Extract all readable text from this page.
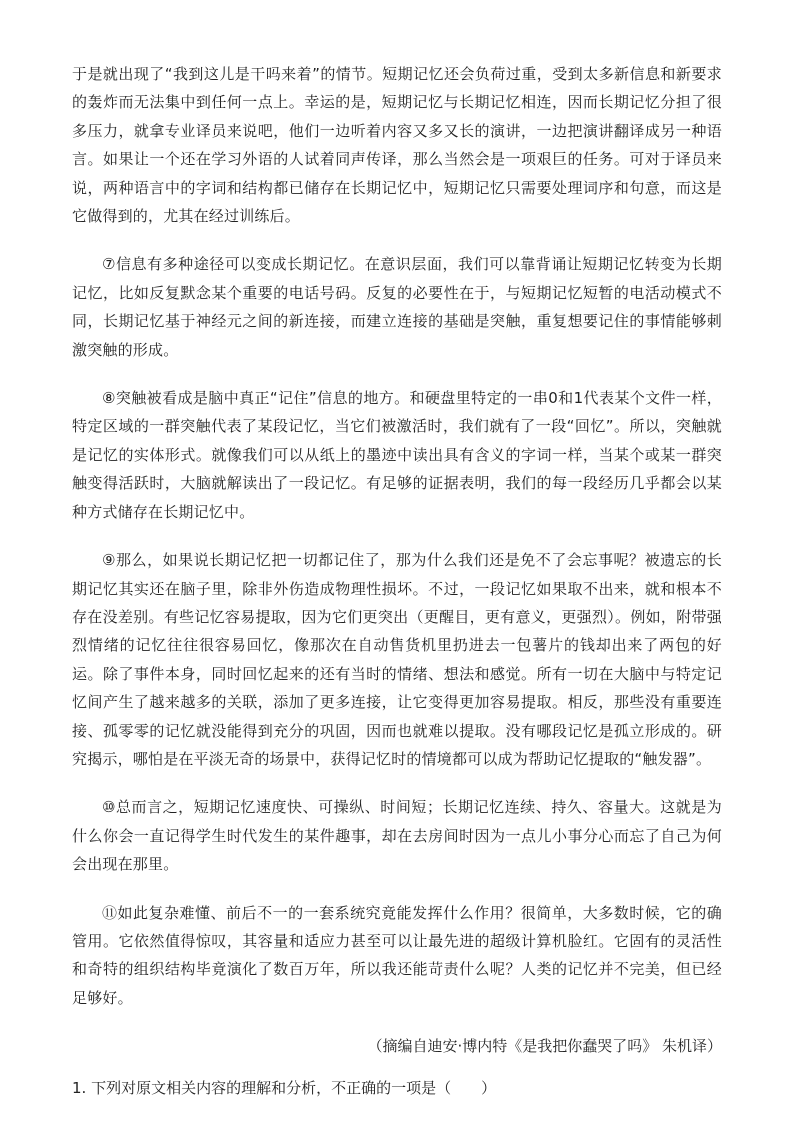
于是就出现了“我到这儿是干吗来着”的情节。短期记忆还会负荷过重，受到太多新信息和新要求的轰炸而无法集中到任何一点上。幸运的是，短期记忆与长期记忆相连，因而长期记忆分担了很多压力，就拿专业译员来说吧，他们一边听着内容又多又长的演讲，一边把演讲翻译成另一种语言。如果让一个还在学习外语的人试着同声传译，那么当然会是一项艰巨的任务。可对于译员来说，两种语言中的字词和结构都已储存在长期记忆中，短期记忆只需要处理词序和句意，而这是它做得到的，尤其在经过训练后。

⑦信息有多种途径可以变成长期记忆。在意识层面，我们可以靠背诵让短期记忆转变为长期记忆，比如反复默念某个重要的电话号码。反复的必要性在于，与短期记忆短暂的电活动模式不同，长期记忆基于神经元之间的新连接，而建立连接的基础是突触，重复想要记住的事情能够刺激突触的形成。

⑧突触被看成是脑中真正“记住”信息的地方。和硬盘里特定的一串0和1代表某个文件一样，特定区域的一群突触代表了某段记忆，当它们被激活时，我们就有了一段“回忆”。所以，突触就是记忆的实体形式。就像我们可以从纸上的墨迹中读出具有含义的字词一样，当某个或某一群突触变得活跃时，大脑就解读出了一段记忆。有足够的证据表明，我们的每一段经历几乎都会以某种方式储存在长期记忆中。

⑨那么，如果说长期记忆把一切都记住了，那为什么我们还是免不了会忘事呢？被遗忘的长期记忆其实还在脑子里，除非外伤造成物理性损坏。不过，一段记忆如果取不出来，就和根本不存在没差别。有些记忆容易提取，因为它们更突出（更醒目，更有意义，更强烈）。例如，附带强烈情绪的记忆往往很容易回忆，像那次在自动售货机里扔进去一包薯片的钱却出来了两包的好运。除了事件本身，同时回忆起来的还有当时的情绪、想法和感觉。所有一切在大脑中与特定记忆间产生了越来越多的关联，添加了更多连接，让它变得更加容易提取。相反，那些没有重要连接、孤零零的记忆就没能得到充分的巩固，因而也就难以提取。没有哪段记忆是孤立形成的。研究揭示，哪怕是在平淡无奇的场景中，获得记忆时的情境都可以成为帮助记忆提取的“触发器”。

⑩总而言之，短期记忆速度快、可操纵、时间短；长期记忆连续、持久、容量大。这就是为什么你会一直记得学生时代发生的某件趣事，却在去房间时因为一点儿小事分心而忘了自己为何会出现在那里。

⑪如此复杂难懂、前后不一的一套系统究竟能发挥什么作用？很简单，大多数时候，它的确管用。它依然值得惊叹，其容量和适应力甚至可以让最先进的超级计算机脸红。它固有的灵活性和奇特的组织结构毕竟演化了数百万年，所以我还能苛责什么呢？人类的记忆并不完美，但已经足够好。

（摘编自迪安·博内特《是我把你蠢哭了吗》 朱机译）
1. 下列对原文相关内容的理解和分析，不正确的一项是（　　）
